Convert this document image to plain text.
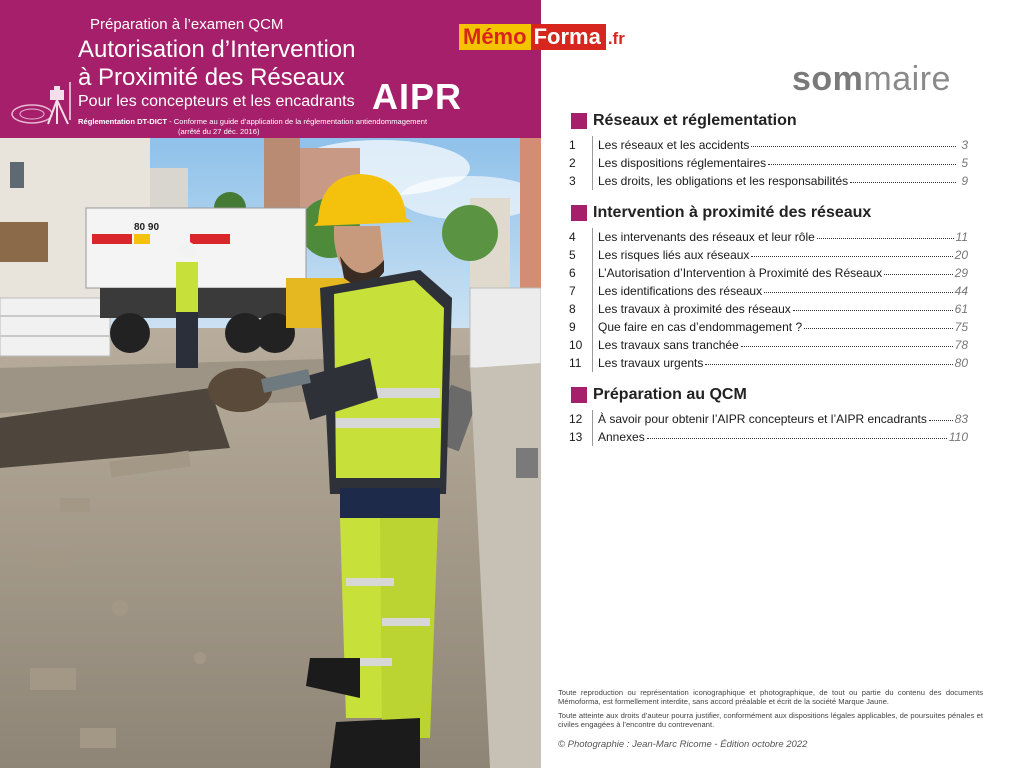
Préparation à l’examen QCM
Autorisation d’Intervention
à Proximité des Réseaux
Pour les concepteurs et les encadrants AIPR
Réglementation DT-DICT - Conforme au guide d’application de la réglementation antiendommagement
(arrêté du 27 déc. 2016)
80 90
Mémo Forma .fr
sommaire
Réseaux et réglementation
1	Les réseaux et les accidents	3
2	Les dispositions réglementaires	5
3	Les droits, les obligations et les responsabilités	9
Intervention à proximité des réseaux
4	Les intervenants des réseaux et leur rôle	11
5	Les risques liés aux réseaux	20
6	L’Autorisation d’Intervention à Proximité des Réseaux	29
7	Les identifications des réseaux	44
8	Les travaux à proximité des réseaux	61
9	Que faire en cas d’endommagement ?	75
10	Les travaux sans tranchée	78
11	Les travaux urgents	80
Préparation au QCM
12	À savoir pour obtenir l’AIPR concepteurs et l’AIPR encadrants 83
13	Annexes	110
Toute reproduction ou représentation iconographique et photographique, de tout ou partie du contenu des documents Mémoforma, est formellement interdite, sans accord préalable et écrit de la société Marque Jaune.
Toute atteinte aux droits d’auteur pourra justifier, conformément aux dispositions légales applicables, de poursuites pénales et civiles engagées à l’encontre du contrevenant.
© Photographie : Jean-Marc Ricome - Édition octobre 2022
